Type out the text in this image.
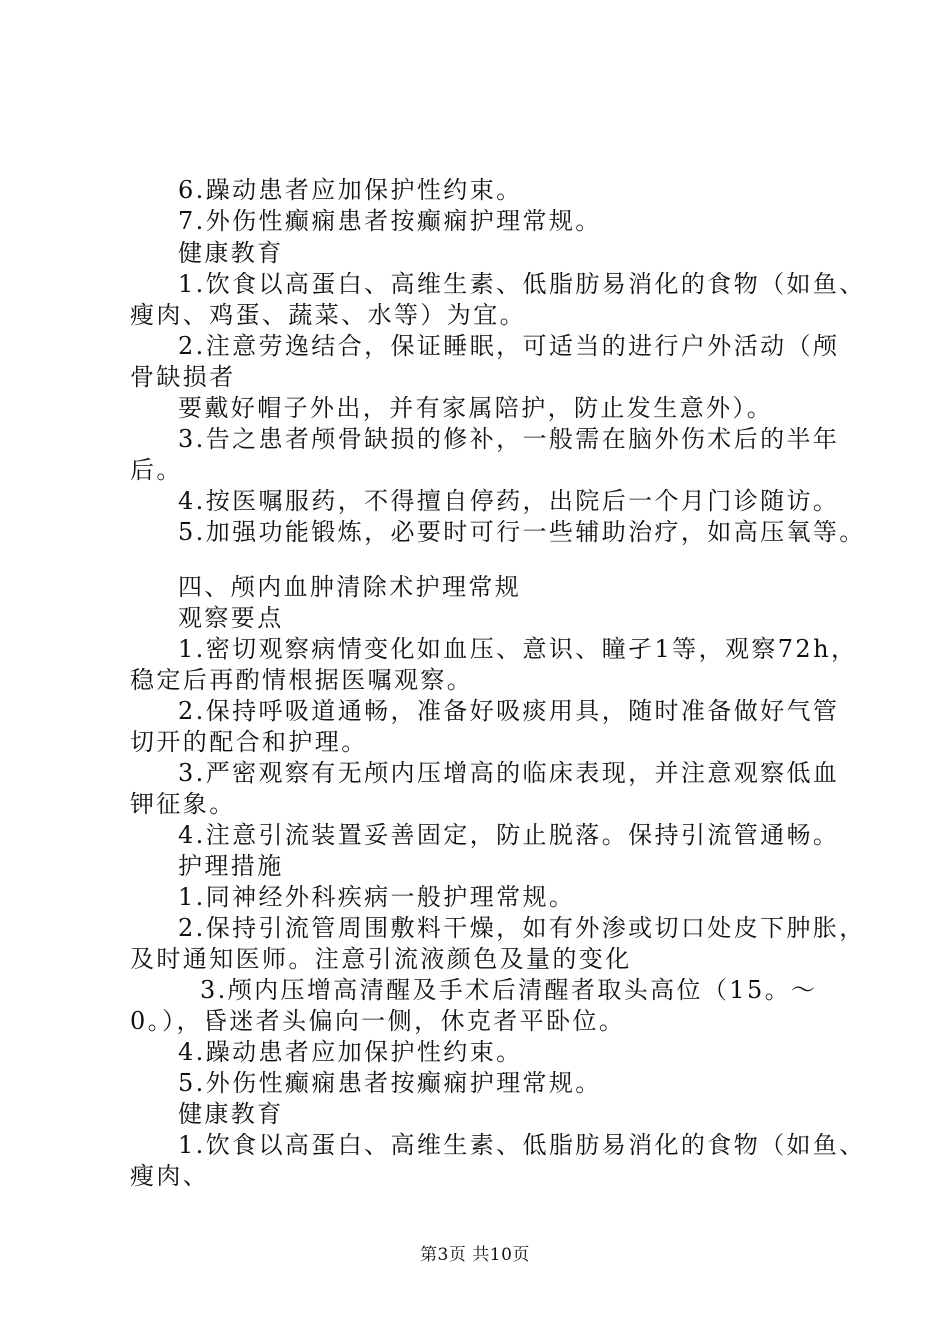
6.躁动患者应加保护性约束。
7.外伤性癫痫患者按癫痫护理常规。
健康教育
1.饮食以高蛋白、高维生素、低脂肪易消化的食物（如鱼、
瘦肉、鸡蛋、蔬菜、水等）为宜。
2.注意劳逸结合，保证睡眠，可适当的进行户外活动（颅
骨缺损者
要戴好帽子外出，并有家属陪护，防止发生意外）。
3.告之患者颅骨缺损的修补，一般需在脑外伤术后的半年
后。
4.按医嘱服药，不得擅自停药，出院后一个月门诊随访。
5.加强功能锻炼，必要时可行一些辅助治疗，如高压氧等。
四、颅内血肿清除术护理常规
观察要点
1.密切观察病情变化如血压、意识、瞳孑1等，观察72h，
稳定后再酌情根据医嘱观察。
2.保持呼吸道通畅，准备好吸痰用具，随时准备做好气管
切开的配合和护理。
3.严密观察有无颅内压增高的临床表现，并注意观察低血
钾征象。
4.注意引流装置妥善固定，防止脱落。保持引流管通畅。
护理措施
1.同神经外科疾病一般护理常规。
2.保持引流管周围敷料干燥，如有外渗或切口处皮下肿胀，
及时通知医师。注意引流液颜色及量的变化
3.颅内压增高清醒及手术后清醒者取头高位（15。～
0。），昏迷者头偏向一侧，休克者平卧位。
4.躁动患者应加保护性约束。
5.外伤性癫痫患者按癫痫护理常规。
健康教育
1.饮食以高蛋白、高维生素、低脂肪易消化的食物（如鱼、
瘦肉、
第3页 共10页
